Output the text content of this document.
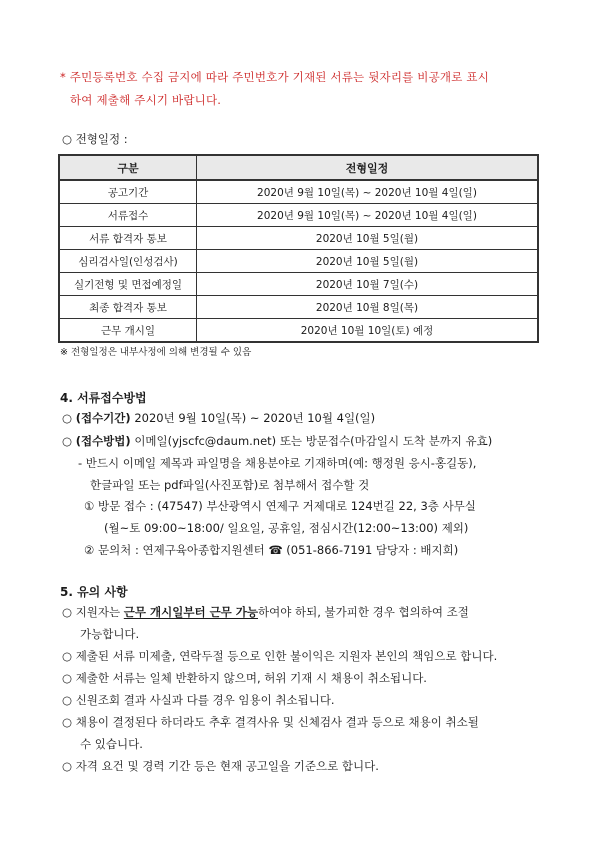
* 주민등록번호 수집 금지에 따라 주민번호가 기재된 서류는 뒷자리를 비공개로 표시
하여 제출해 주시기 바랍니다.
○ 전형일정 :
구분	전형일정
공고기간	2020년 9월 10일(목) ~ 2020년 10월 4일(일)
서류접수	2020년 9월 10일(목) ~ 2020년 10월 4일(일)
서류 합격자 통보	2020년 10월 5일(월)
심리검사일(인성검사)	2020년 10월 5일(월)
실기전형 및 면접예정일	2020년 10월 7일(수)
최종 합격자 통보	2020년 10월 8일(목)
근무 개시일	2020년 10월 10일(토) 예정
※ 전형일정은 내부사정에 의해 변경될 수 있음
4. 서류접수방법
○ (접수기간) 2020년 9월 10일(목) ~ 2020년 10월 4일(일)
○ (접수방법) 이메일(yjscfc@daum.net) 또는 방문접수(마감일시 도착 분까지 유효)
- 반드시 이메일 제목과 파일명을 채용분야로 기재하며(예: 행정원 응시-홍길동),
한글파일 또는 pdf파일(사진포함)로 첨부해서 접수할 것
① 방문 접수 : (47547) 부산광역시 연제구 거제대로 124번길 22, 3층 사무실
(월~토 09:00~18:00/ 일요일, 공휴일, 점심시간(12:00~13:00) 제외)
② 문의처 : 연제구육아종합지원센터 ☎ (051-866-7191 담당자 : 배지희)
5. 유의 사항
○ 지원자는 근무 개시일부터 근무 가능하여야 하되, 불가피한 경우 협의하여 조절
가능합니다.
○ 제출된 서류 미제출, 연락두절 등으로 인한 불이익은 지원자 본인의 책임으로 합니다.
○ 제출한 서류는 일체 반환하지 않으며, 허위 기재 시 채용이 취소됩니다.
○ 신원조회 결과 사실과 다를 경우 임용이 취소됩니다.
○ 채용이 결정된다 하더라도 추후 결격사유 및 신체검사 결과 등으로 채용이 취소될
수 있습니다.
○ 자격 요건 및 경력 기간 등은 현재 공고일을 기준으로 합니다.
